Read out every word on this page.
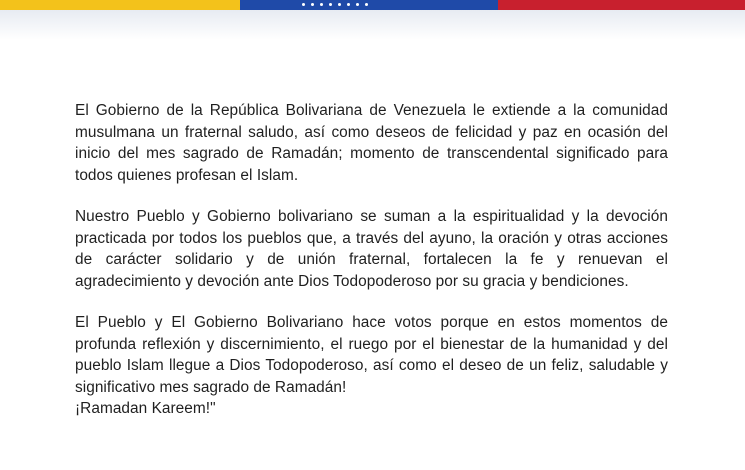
El Gobierno de la República Bolivariana de Venezuela le extiende a la comunidad musulmana un fraternal saludo, así como deseos de felicidad y paz en ocasión del inicio del mes sagrado de Ramadán; momento de transcendental significado para todos quienes profesan el Islam.

Nuestro Pueblo y Gobierno bolivariano se suman a la espiritualidad y la devoción practicada por todos los pueblos que, a través del ayuno, la oración y otras acciones de carácter solidario y de unión fraternal, fortalecen la fe y renuevan el agradecimiento y devoción ante Dios Todopoderoso por su gracia y bendiciones.

El Pueblo y El Gobierno Bolivariano hace votos porque en estos momentos de profunda reflexión y discernimiento, el ruego por el bienestar de la humanidad y del pueblo Islam llegue a Dios Todopoderoso, así como el deseo de un feliz, saludable y significativo mes sagrado de Ramadán!

¡Ramadan Kareem!"
